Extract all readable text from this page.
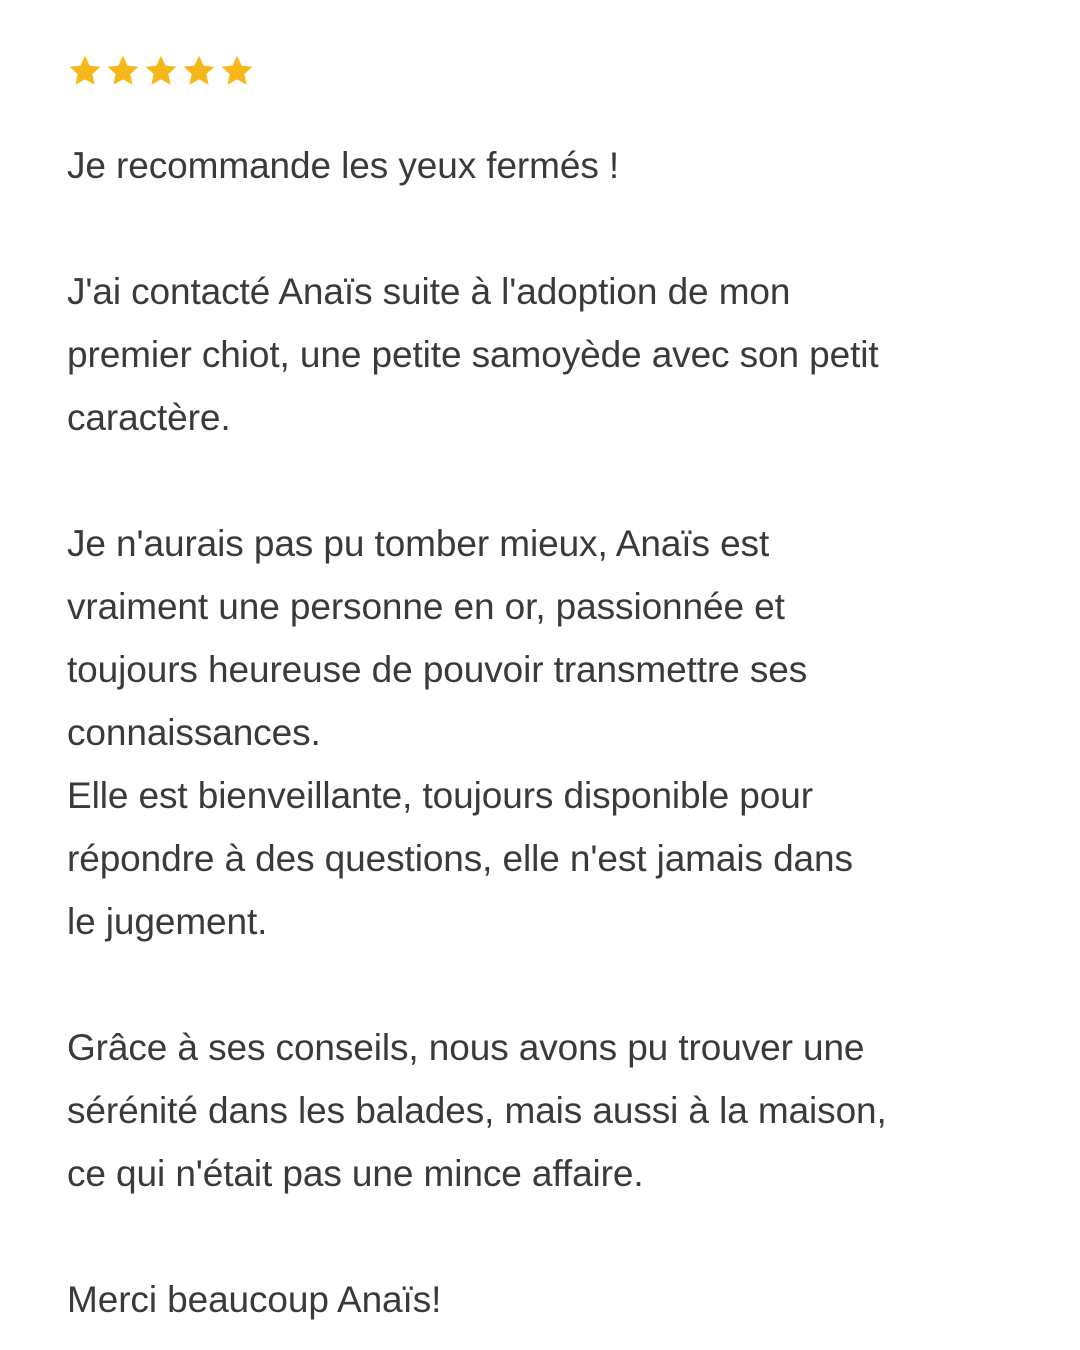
Je recommande les yeux fermés !
J'ai contacté Anaïs suite à l'adoption de mon
premier chiot, une petite samoyède avec son petit
caractère.
Je n'aurais pas pu tomber mieux, Anaïs est
vraiment une personne en or, passionnée et
toujours heureuse de pouvoir transmettre ses
connaissances.
Elle est bienveillante, toujours disponible pour
répondre à des questions, elle n'est jamais dans
le jugement.
Grâce à ses conseils, nous avons pu trouver une
sérénité dans les balades, mais aussi à la maison,
ce qui n'était pas une mince affaire.
Merci beaucoup Anaïs!
